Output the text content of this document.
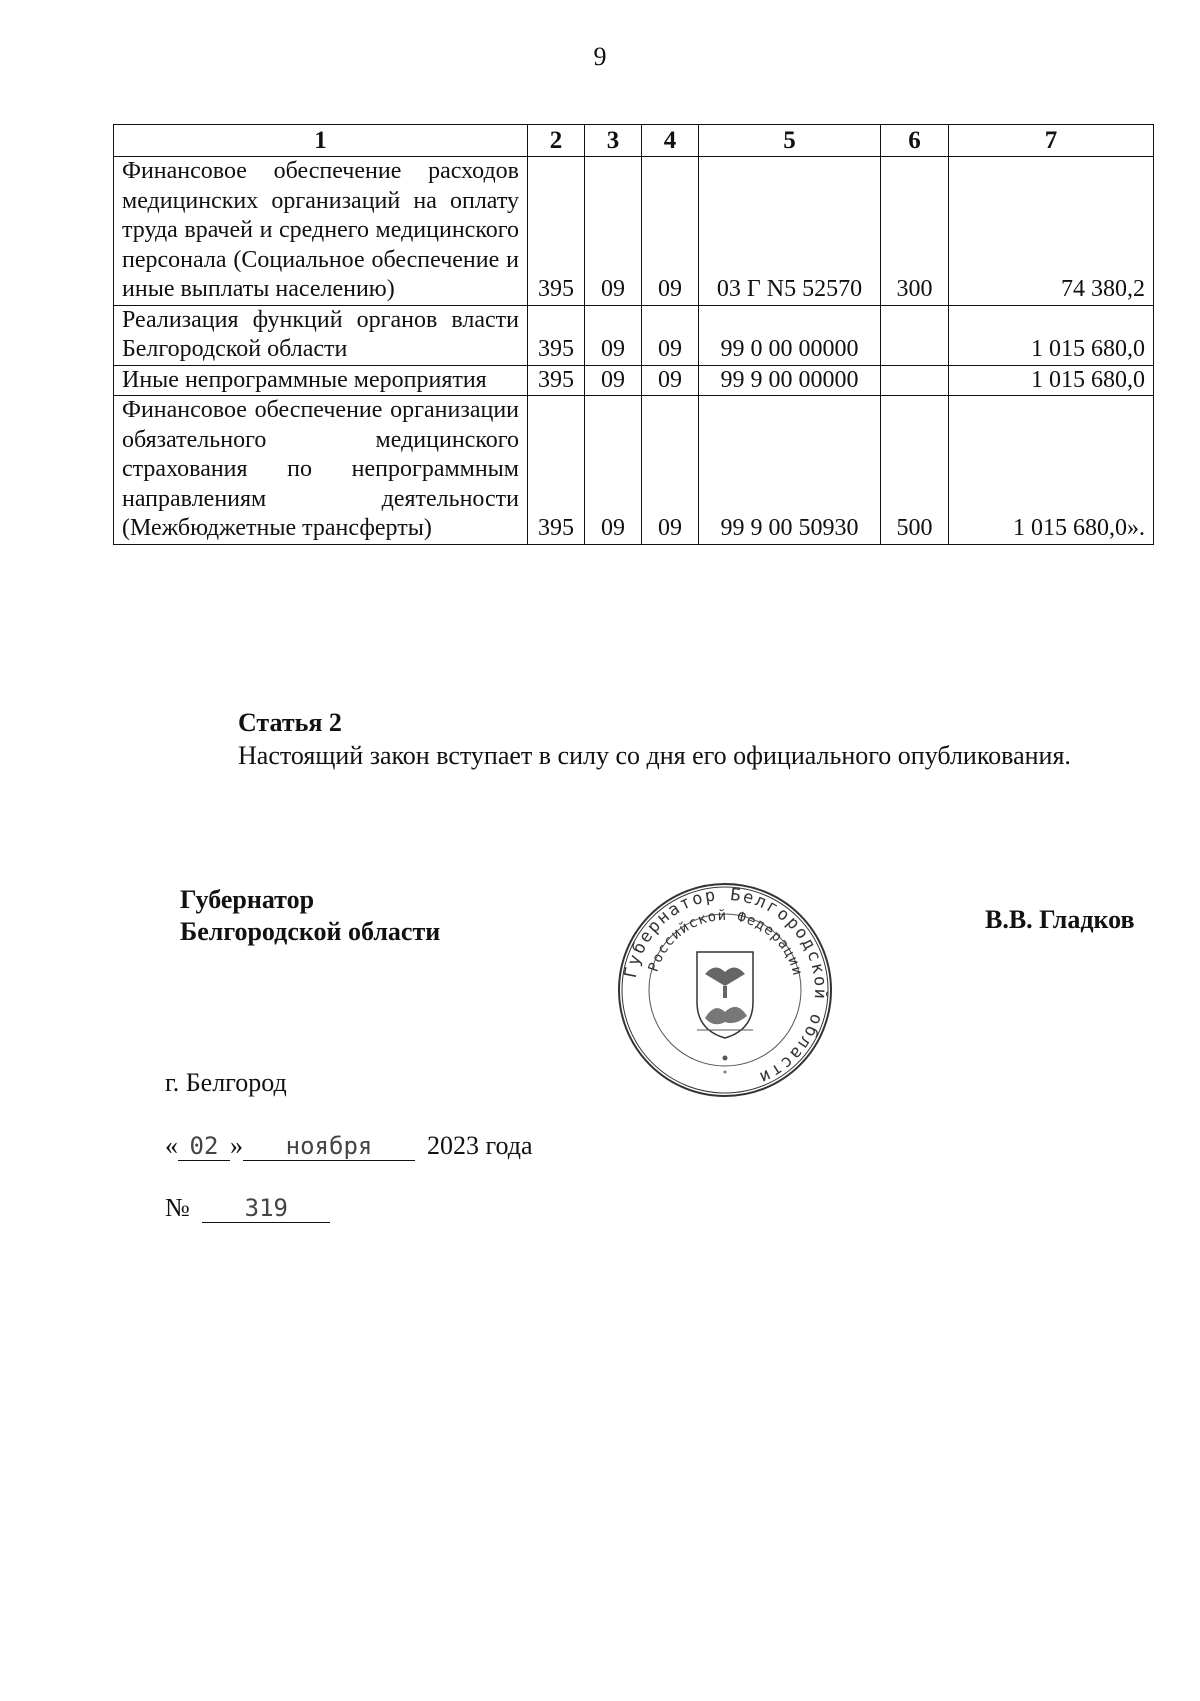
9
1	2	3	4	5	6	7
Финансовое обеспечение расходов медицинских организаций на оплату труда врачей и среднего медицинского персонала (Социальное обеспечение и иные выплаты населению)	395	09	09	03 Г N5 52570	300	74 380,2
Реализация функций органов власти Белгородской области	395	09	09	99 0 00 00000		1 015 680,0
Иные непрограммные мероприятия	395	09	09	99 9 00 00000		1 015 680,0
Финансовое обеспечение организации обязательного медицинского страхования по непрограммным направлениям деятельности (Межбюджетные трансферты)	395	09	09	99 9 00 50930	500	1 015 680,0».
Статья 2
Настоящий закон вступает в силу со дня его официального опубликования.
Губернатор
Белгородской области	В.В. Гладков
Губернатор Белгородской области
Российской Федерации
г. Белгород
« 02 » ноября 2023 года
№ 319
